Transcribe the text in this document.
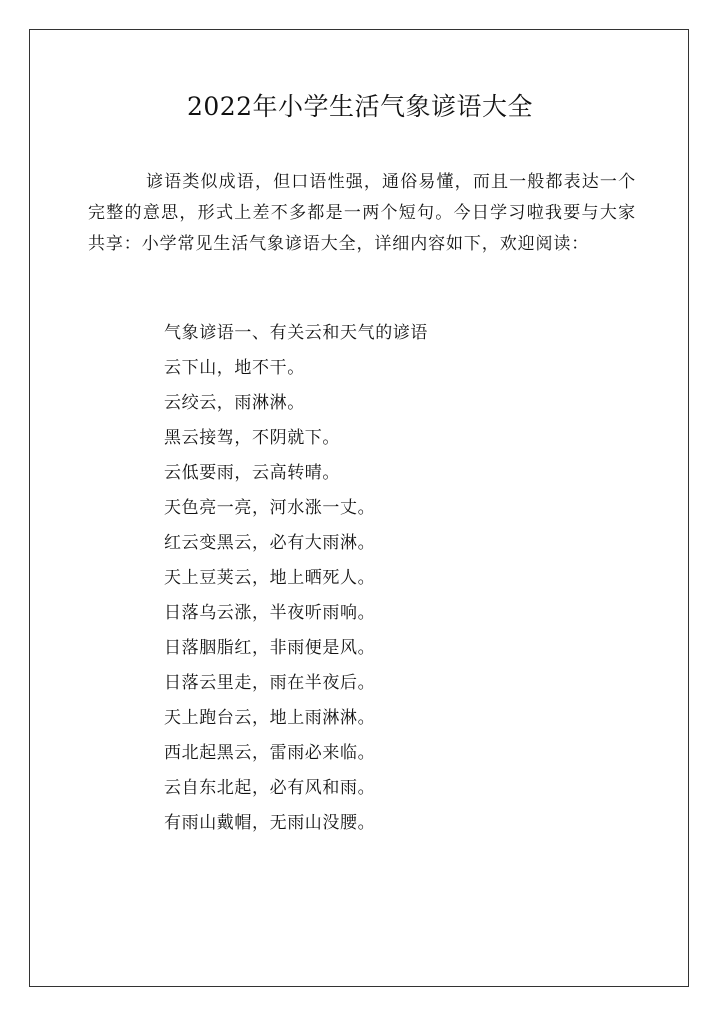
2022年小学生活气象谚语大全

谚语类似成语，但口语性强，通俗易懂，而且一般都表达一个完整的意思，形式上差不多都是一两个短句。今日学习啦我要与大家共享：小学常见生活气象谚语大全，详细内容如下，欢迎阅读：

气象谚语一、有关云和天气的谚语
云下山，地不干。
云绞云，雨淋淋。
黑云接驾，不阴就下。
云低要雨，云高转晴。
天色亮一亮，河水涨一丈。
红云变黑云，必有大雨淋。
天上豆荚云，地上晒死人。
日落乌云涨，半夜听雨响。
日落胭脂红，非雨便是风。
日落云里走，雨在半夜后。
天上跑台云，地上雨淋淋。
西北起黑云，雷雨必来临。
云自东北起，必有风和雨。
有雨山戴帽，无雨山没腰。
